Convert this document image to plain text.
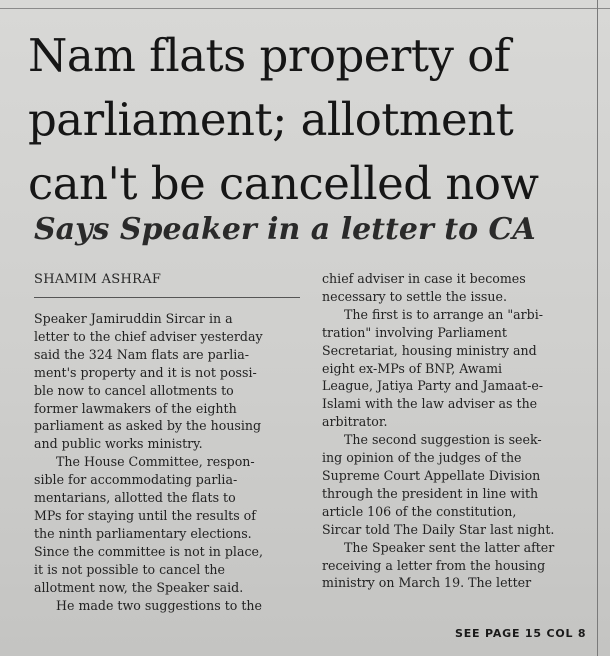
Nam flats property of
parliament; allotment
can't be cancelled now
Says Speaker in a letter to CA
SHAMIM ASHRAF
Speaker Jamiruddin Sircar in a
letter to the chief adviser yesterday
said the 324 Nam flats are parlia-
ment's property and it is not possi-
ble now to cancel allotments to
former lawmakers of the eighth
parliament as asked by the housing
and public works ministry.
The House Committee, respon-
sible for accommodating parlia-
mentarians, allotted the flats to
MPs for staying until the results of
the ninth parliamentary elections.
Since the committee is not in place,
it is not possible to cancel the
allotment now, the Speaker said.
He made two suggestions to the
chief adviser in case it becomes
necessary to settle the issue.
The first is to arrange an "arbi-
tration" involving Parliament
Secretariat, housing ministry and
eight ex-MPs of BNP, Awami
League, Jatiya Party and Jamaat-e-
Islami with the law adviser as the
arbitrator.
The second suggestion is seek-
ing opinion of the judges of the
Supreme Court Appellate Division
through the president in line with
article 106 of the constitution,
Sircar told The Daily Star last night.
The Speaker sent the latter after
receiving a letter from the housing
ministry on March 19. The letter
SEE PAGE 15 COL 8
